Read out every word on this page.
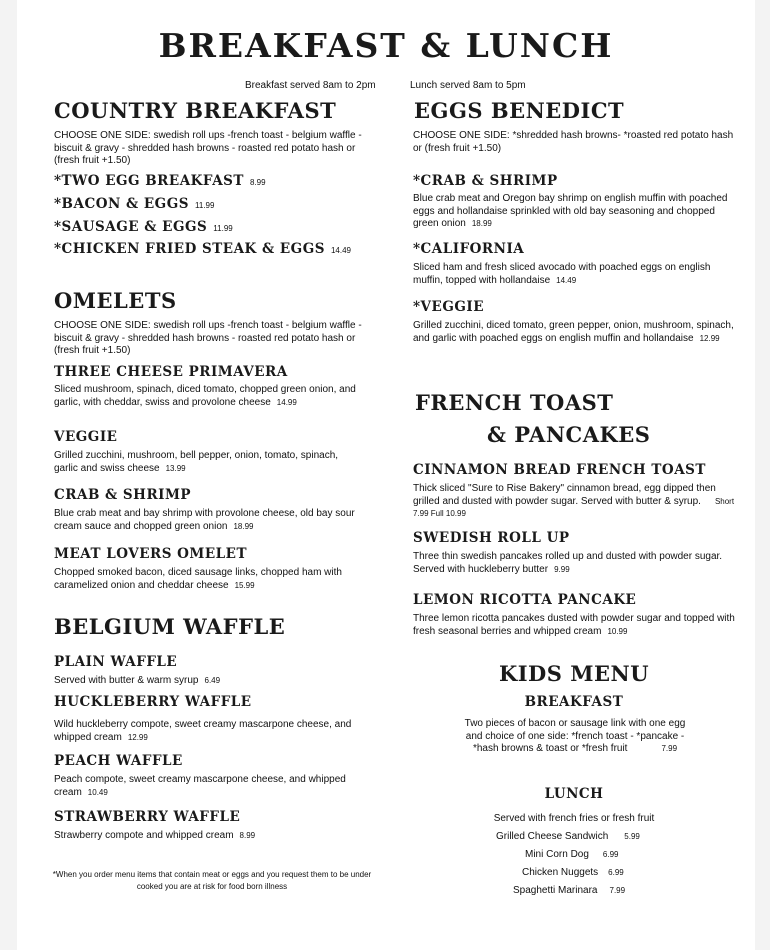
BREAKFAST & LUNCH
Breakfast served 8am to 2pm	Lunch served 8am to 5pm
COUNTRY BREAKFAST
CHOOSE ONE SIDE: swedish roll ups -french toast - belgium waffle - biscuit & gravy - shredded hash browns - roasted red potato hash or (fresh fruit +1.50)
*TWO EGG BREAKFAST 8.99
*BACON & EGGS 11.99
*SAUSAGE & EGGS 11.99
*CHICKEN FRIED STEAK & EGGS 14.49
OMELETS
CHOOSE ONE SIDE: swedish roll ups -french toast - belgium waffle - biscuit & gravy - shredded hash browns - roasted red potato hash or (fresh fruit +1.50)
THREE CHEESE PRIMAVERA
Sliced mushroom, spinach, diced tomato, chopped green onion, and garlic, with cheddar, swiss and provolone cheese 14.99
VEGGIE
Grilled zucchini, mushroom, bell pepper, onion, tomato, spinach, garlic and swiss cheese 13.99
CRAB & SHRIMP
Blue crab meat and bay shrimp with provolone cheese, old bay sour cream sauce and chopped green onion 18.99
MEAT LOVERS OMELET
Chopped smoked bacon, diced sausage links, chopped ham with caramelized onion and cheddar cheese 15.99
BELGIUM WAFFLE
PLAIN WAFFLE
Served with butter & warm syrup 6.49
HUCKLEBERRY WAFFLE
Wild huckleberry compote, sweet creamy mascarpone cheese, and whipped cream 12.99
PEACH WAFFLE
Peach compote, sweet creamy mascarpone cheese, and whipped cream 10.49
STRAWBERRY WAFFLE
Strawberry compote and whipped cream 8.99
*When you order menu items that contain meat or eggs and you request them to be under cooked you are at risk for food born illness
EGGS BENEDICT
CHOOSE ONE SIDE: *shredded hash browns- *roasted red potato hash or (fresh fruit +1.50)
*CRAB & SHRIMP
Blue crab meat and Oregon bay shrimp on english muffin with poached eggs and hollandaise sprinkled with old bay seasoning and chopped green onion 18.99
*CALIFORNIA
Sliced ham and fresh sliced avocado with poached eggs on english muffin, topped with hollandaise 14.49
*VEGGIE
Grilled zucchini, diced tomato, green pepper, onion, mushroom, spinach, and garlic with poached eggs on english muffin and hollandaise 12.99
FRENCH TOAST
& PANCAKES
CINNAMON BREAD FRENCH TOAST
Thick sliced "Sure to Rise Bakery" cinnamon bread, egg dipped then grilled and dusted with powder sugar. Served with butter & syrup. Short 7.99 Full 10.99
SWEDISH ROLL UP
Three thin swedish pancakes rolled up and dusted with powder sugar. Served with huckleberry butter 9.99
LEMON RICOTTA PANCAKE
Three lemon ricotta pancakes dusted with powder sugar and topped with fresh seasonal berries and whipped cream 10.99
KIDS MENU
BREAKFAST
Two pieces of bacon or sausage link with one egg and choice of one side: *french toast - *pancake - *hash browns & toast or *fresh fruit	7.99
LUNCH
Served with french fries or fresh fruit
Grilled Cheese Sandwich 5.99
Mini Corn Dog 6.99
Chicken Nuggets 6.99
Spaghetti Marinara 7.99
